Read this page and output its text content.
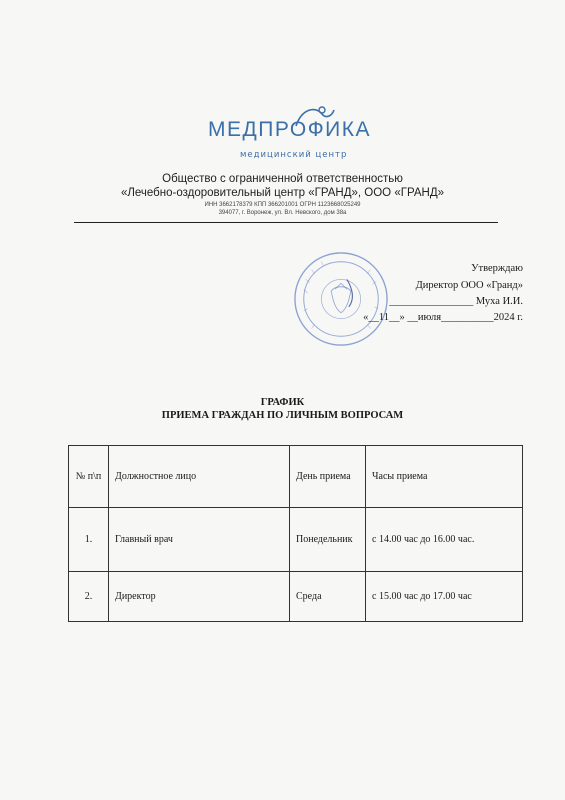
МЕДПРОФИКА
медицинский центр
Общество с ограниченной ответственностью
«Лечебно-оздоровительный центр «ГРАНД», ООО «ГРАНД»
ИНН 3662178379 КПП 366201001 ОГРН 1123668025249
394077, г. Воронеж, ул. Вл. Невского, дом 38а
Утверждаю
Директор ООО «Гранд»
________________ Муха И.И.
«__11__» __июля__________2024 г.
ГРАФИК
ПРИЕМА ГРАЖДАН ПО ЛИЧНЫМ ВОПРОСАМ
№ п\п	Должностное лицо	День приема	Часы приема
1.	Главный врач	Понедельник	с 14.00 час до 16.00 час.
2.	Директор	Среда	с 15.00 час до 17.00 час
